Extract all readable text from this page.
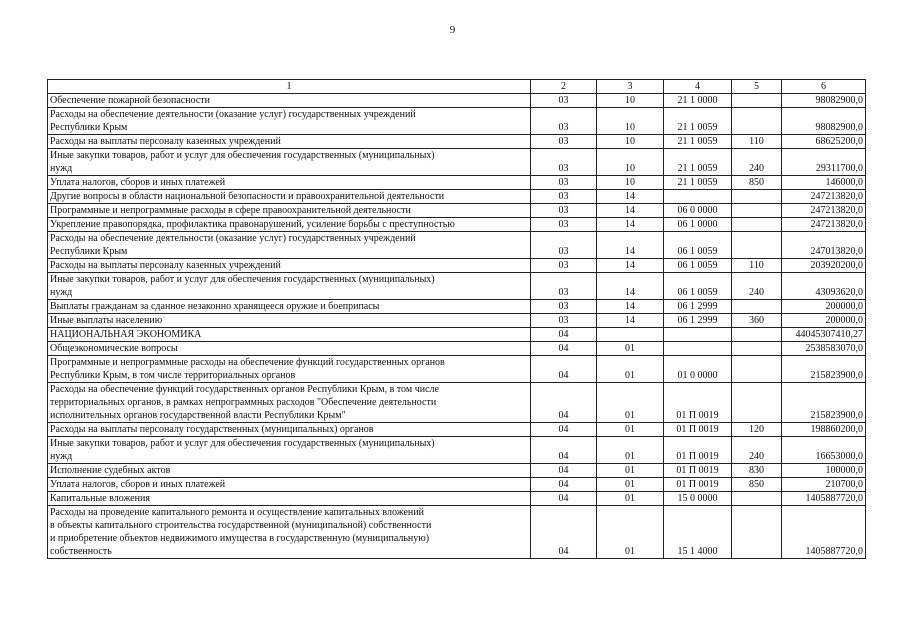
9
1	2	3	4	5	6
Обеспечение пожарной безопасности	03	10	21 1 0000		98082900,0
Расходы на обеспечение деятельности (оказание услуг) государственных учреждений
Республики Крым	03	10	21 1 0059		98082900,0
Расходы на выплаты персоналу казенных учреждений	03	10	21 1 0059	110	68625200,0
Иные закупки товаров, работ и услуг для обеспечения государственных (муниципальных)
нужд	03	10	21 1 0059	240	29311700,0
Уплата налогов, сборов и иных платежей	03	10	21 1 0059	850	146000,0
Другие вопросы в области национальной безопасности и правоохранительной деятельности	03	14			247213820,0
Программные и непрограммные расходы в сфере правоохранительной деятельности	03	14	06 0 0000		247213820,0
Укрепление правопорядка, профилактика правонарушений, усиление борьбы с преступностью	03	14	06 1 0000		247213820,0
Расходы на обеспечение деятельности (оказание услуг) государственных учреждений
Республики Крым	03	14	06 1 0059		247013820,0
Расходы на выплаты персоналу казенных учреждений	03	14	06 1 0059	110	203920200,0
Иные закупки товаров, работ и услуг для обеспечения государственных (муниципальных)
нужд	03	14	06 1 0059	240	43093620,0
Выплаты гражданам за сданное незаконно хранящееся оружие и боеприпасы	03	14	06 1 2999		200000,0
Иные выплаты населению	03	14	06 1 2999	360	200000,0
НАЦИОНАЛЬНАЯ ЭКОНОМИКА	04				44045307410,27
Общеэкономические вопросы	04	01			2538583070,0
Программные и непрограммные расходы на обеспечение функций государственных органов
Республики Крым, в том числе территориальных органов	04	01	01 0 0000		215823900,0
Расходы на обеспечение функций государственных органов Республики Крым, в том числе
территориальных органов, в рамках непрограммных расходов "Обеспечение деятельности
исполнительных органов государственной власти Республики Крым"	04	01	01 П 0019		215823900,0
Расходы на выплаты персоналу государственных (муниципальных) органов	04	01	01 П 0019	120	198860200,0
Иные закупки товаров, работ и услуг для обеспечения государственных (муниципальных)
нужд	04	01	01 П 0019	240	16653000,0
Исполнение судебных актов	04	01	01 П 0019	830	100000,0
Уплата налогов, сборов и иных платежей	04	01	01 П 0019	850	210700,0
Капитальные вложения	04	01	15 0 0000		1405887720,0
Расходы на проведение капитального ремонта и осуществление капитальных вложений
в объекты капитального строительства государственной (муниципальной) собственности
и приобретение объектов недвижимого имущества в государственную (муниципальную)
собственность	04	01	15 1 4000		1405887720,0
